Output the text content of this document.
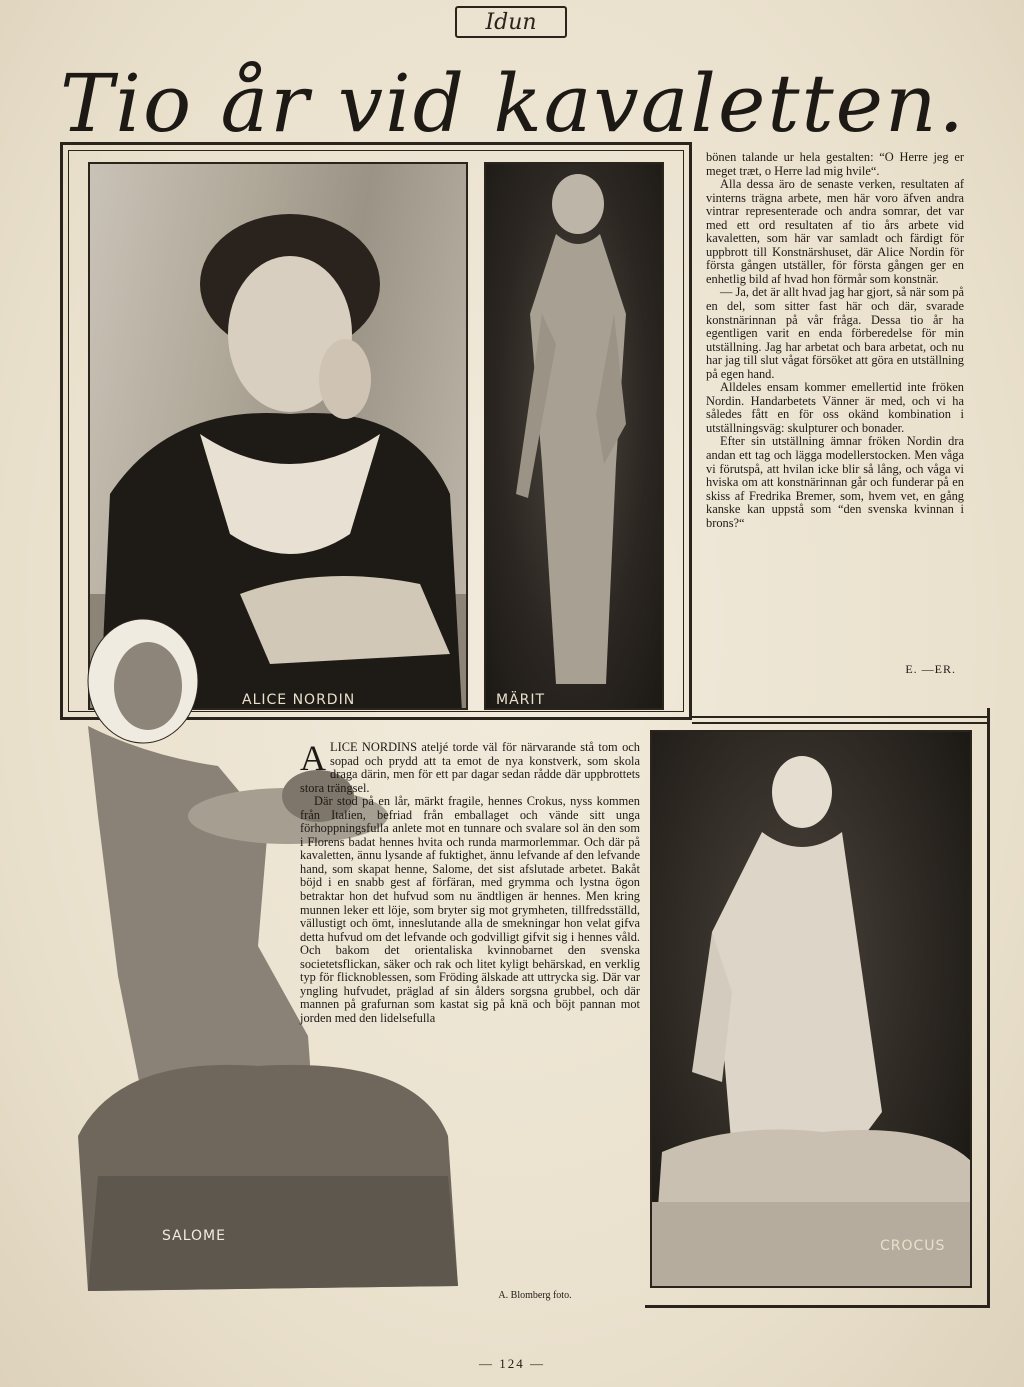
Idun
Tio år vid kavaletten.
ALICE NORDIN	MÄRIT

bönen talande ur hela gestalten: “O Herre jeg er meget træt, o Herre lad mig hvile“.

Alla dessa äro de senaste verken, resultaten af vinterns trägna arbete, men här voro äfven andra vintrar representerade och andra somrar, det var med ett ord resultaten af tio års arbete vid kavaletten, som här var samladt och färdigt för uppbrott till Konstnärshuset, där Alice Nordin för första gången utställer, för första gången ger en enhetlig bild af hvad hon förmår som konstnär.

— Ja, det är allt hvad jag har gjort, så när som på en del, som sitter fast här och där, svarade konstnärinnan på vår fråga. Dessa tio år ha egentligen varit en enda förberedelse för min utställning. Jag har arbetat och bara arbetat, och nu har jag till slut vågat försöket att göra en utställning på egen hand.

Alldeles ensam kommer emellertid inte fröken Nordin. Handarbetets Vänner är med, och vi ha således fått en för oss okänd kombination i utställningsväg: skulpturer och bonader.

Efter sin utställning ämnar fröken Nordin dra andan ett tag och lägga modellerstocken. Men våga vi förutspå, att hvilan icke blir så lång, och våga vi hviska om att konstnärinnan går och funderar på en skiss af Fredrika Bremer, som, hvem vet, en gång kanske kan uppstå som “den svenska kvinnan i brons?“

E. —ER.
SALOME
A LICE NORDINS ateljé torde väl för närvarande stå tom och sopad och prydd att ta emot de nya konstverk, som skola draga därin, men för ett par dagar sedan rådde där uppbrottets stora trängsel.

Där stod på en lår, märkt fragile, hennes Crokus, nyss kommen från Italien, befriad från emballaget och vände sitt unga förhoppningsfulla anlete mot en tunnare och svalare sol än den som i Florens badat hennes hvita och runda marmorlemmar. Och där på kavaletten, ännu lysande af fuktighet, ännu lefvande af den lefvande hand, som skapat henne, Salome, det sist afslutade arbetet. Bakåt böjd i en snabb gest af förfäran, med grymma och lystna ögon betraktar hon det hufvud som nu ändtligen är hennes. Men kring munnen leker ett löje, som bryter sig mot grymheten, tillfredsställd, vällustigt och ömt, inneslutande alla de smekningar hon velat gifva detta hufvud om det lefvande och godvilligt gifvit sig i hennes våld. Och bakom det orientaliska kvinnobarnet den svenska societetsflickan, säker och rak och litet kyligt behärskad, en verklig typ för flicknoblessen, som Fröding älskade att uttrycka sig. Där var yngling hufvudet, präglad af sin ålders sorgsna grubbel, och där mannen på grafurnan som kastat sig på knä och böjt pannan mot jorden med den lidelsefulla

CROCUS
A. Blomberg foto.
— 124 —
